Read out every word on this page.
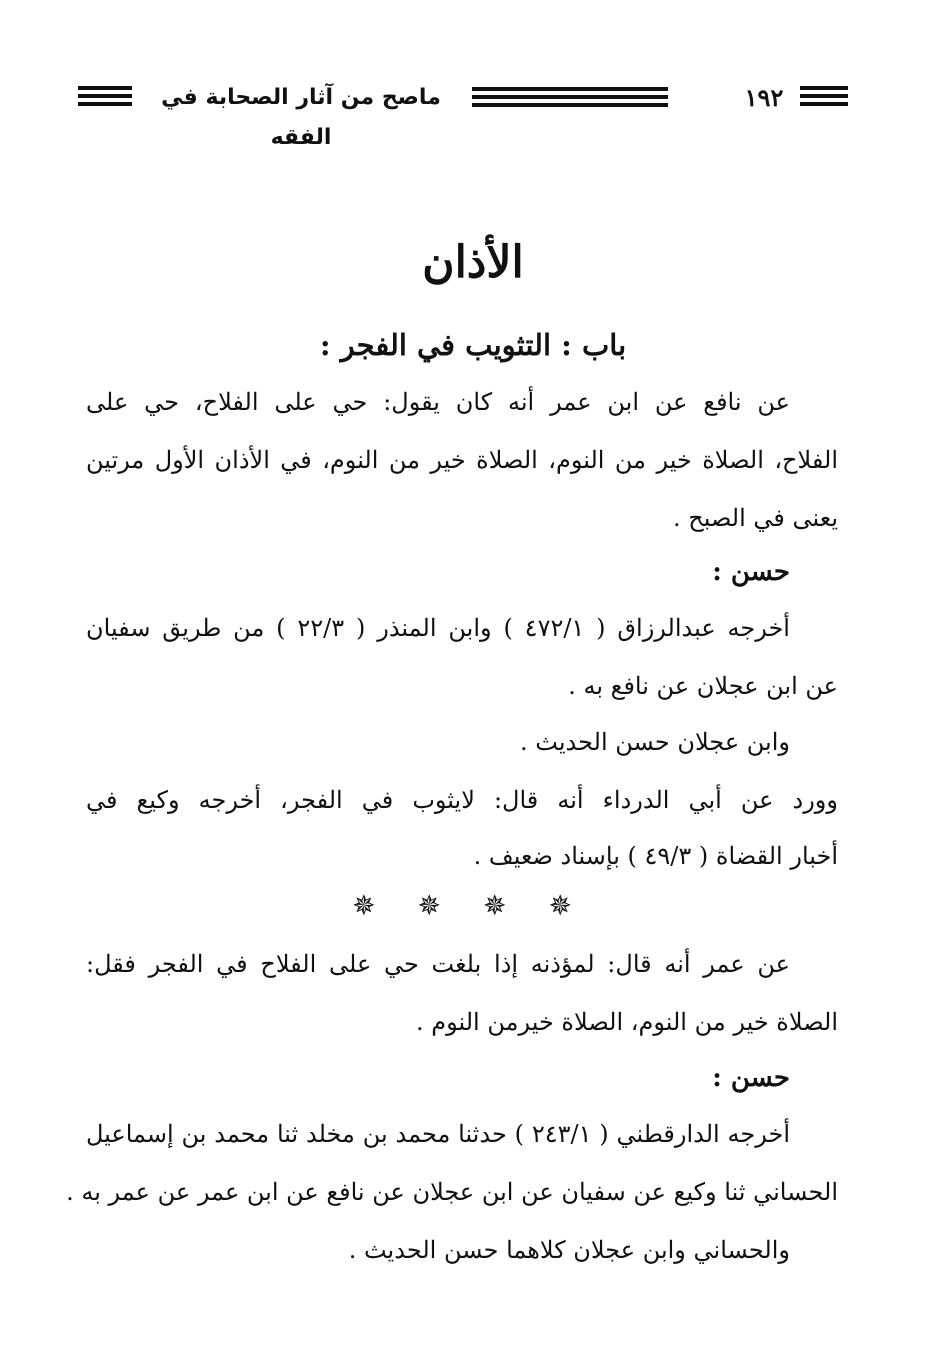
١٩٢
ماصح من آثار الصحابة في الفقه
الأذان
باب : التثويب في الفجر :
عن نافع عن ابن عمر أنه كان يقول: حي على الفلاح، حي على
الفلاح، الصلاة خير من النوم، الصلاة خير من النوم، في الأذان الأول مرتين
يعنى في الصبح .
حسن :
أخرجه عبدالرزاق ( ٤٧٢/١ ) وابن المنذر ( ٢٢/٣ ) من طريق سفيان
عن ابن عجلان عن نافع به .
وابن عجلان حسن الحديث .
وورد عن أبي الدرداء أنه قال: لايثوب في الفجر، أخرجه وكيع في
أخبار القضاة ( ٤٩/٣ ) بإسناد ضعيف .
✵✵✵✵
عن عمر أنه قال: لمؤذنه إذا بلغت حي على الفلاح في الفجر فقل:
الصلاة خير من النوم، الصلاة خيرمن النوم .
حسن :
أخرجه الدارقطني ( ٢٤٣/١ ) حدثنا محمد بن مخلد ثنا محمد بن إسماعيل
الحساني ثنا وكيع عن سفيان عن ابن عجلان عن نافع عن ابن عمر عن عمر به .
والحساني وابن عجلان كلاهما حسن الحديث .
